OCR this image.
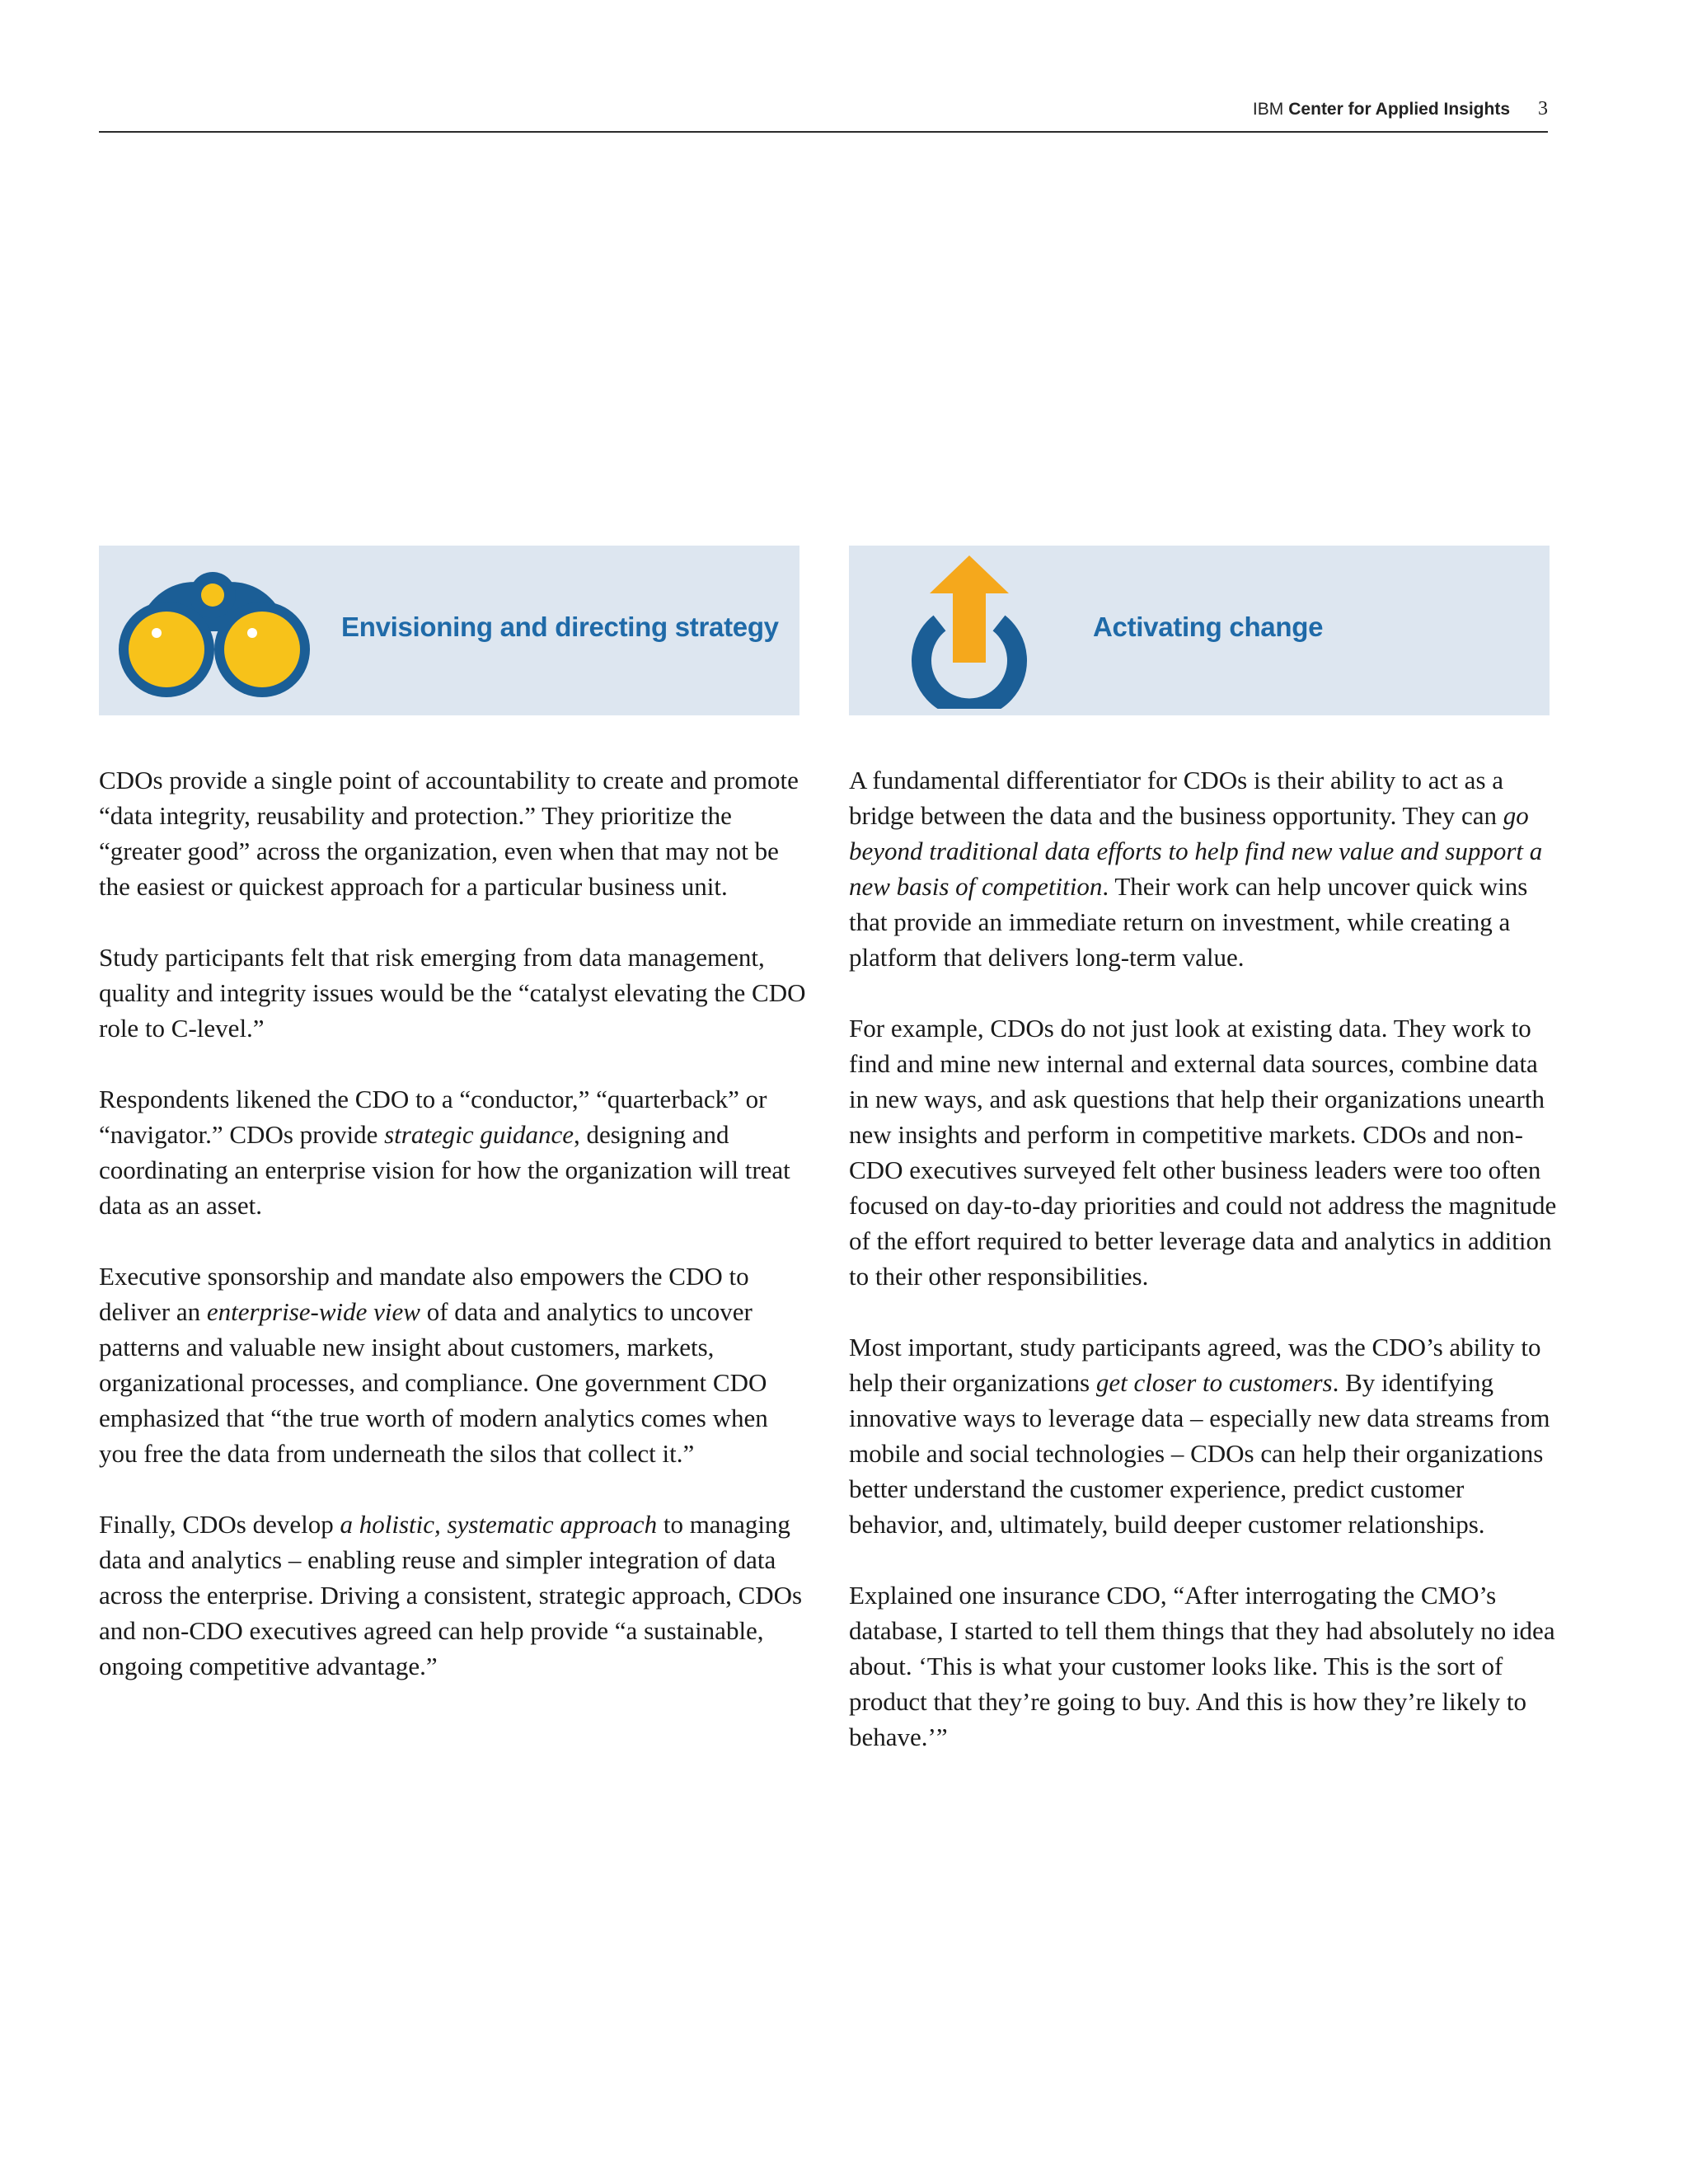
IBM Center for Applied Insights 3
Envisioning and directing strategy	Activating change

CDOs provide a single point of accountability to create and promote “data integrity, reusability and protection.” They prioritize the “greater good” across the organization, even when that may not be the easiest or quickest approach for a particular business unit.

Study participants felt that risk emerging from data management, quality and integrity issues would be the “catalyst elevating the CDO role to C-level.”

Respondents likened the CDO to a “conductor,” “quarterback” or “navigator.” CDOs provide strategic guidance, designing and coordinating an enterprise vision for how the organization will treat data as an asset.

Executive sponsorship and mandate also empowers the CDO to deliver an enterprise-wide view of data and analytics to uncover patterns and valuable new insight about customers, markets, organizational processes, and compliance. One government CDO emphasized that “the true worth of modern analytics comes when you free the data from underneath the silos that collect it.”

Finally, CDOs develop a holistic, systematic approach to managing data and analytics – enabling reuse and simpler integration of data across the enterprise. Driving a consistent, strategic approach, CDOs and non-CDO executives agreed can help provide “a sustainable, ongoing competitive advantage.”

A fundamental differentiator for CDOs is their ability to act as a bridge between the data and the business opportunity. They can go beyond traditional data efforts to help find new value and support a new basis of competition. Their work can help uncover quick wins that provide an immediate return on investment, while creating a platform that delivers long-term value.

For example, CDOs do not just look at existing data. They work to find and mine new internal and external data sources, combine data in new ways, and ask questions that help their organizations unearth new insights and perform in competitive markets. CDOs and non-CDO executives surveyed felt other business leaders were too often focused on day-to-day priorities and could not address the magnitude of the effort required to better leverage data and analytics in addition to their other responsibilities.

Most important, study participants agreed, was the CDO’s ability to help their organizations get closer to customers. By identifying innovative ways to leverage data – especially new data streams from mobile and social technologies – CDOs can help their organizations better understand the customer experience, predict customer behavior, and, ultimately, build deeper customer relationships.

Explained one insurance CDO, “After interrogating the CMO’s database, I started to tell them things that they had absolutely no idea about. ‘This is what your customer looks like. This is the sort of product that they’re going to buy. And this is how they’re likely to behave.’”
